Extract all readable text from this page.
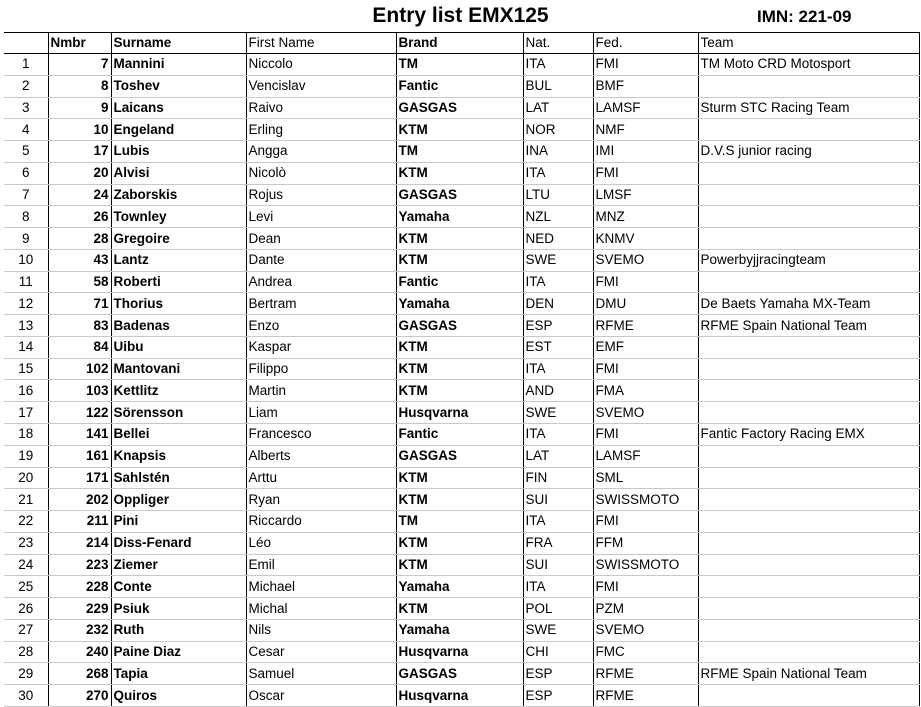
Entry list EMX125	IMN: 221-09
	Nmbr	Surname	First Name	Brand	Nat.	Fed.	Team
1	7	Mannini	Niccolo	TM	ITA	FMI	TM Moto CRD Motosport
2	8	Toshev	Vencislav	Fantic	BUL	BMF	
3	9	Laicans	Raivo	GASGAS	LAT	LAMSF	Sturm STC Racing Team
4	10	Engeland	Erling	KTM	NOR	NMF	
5	17	Lubis	Angga	TM	INA	IMI	D.V.S junior racing
6	20	Alvisi	Nicolò	KTM	ITA	FMI	
7	24	Zaborskis	Rojus	GASGAS	LTU	LMSF	
8	26	Townley	Levi	Yamaha	NZL	MNZ	
9	28	Gregoire	Dean	KTM	NED	KNMV	
10	43	Lantz	Dante	KTM	SWE	SVEMO	Powerbyjjracingteam
11	58	Roberti	Andrea	Fantic	ITA	FMI	
12	71	Thorius	Bertram	Yamaha	DEN	DMU	De Baets Yamaha MX-Team
13	83	Badenas	Enzo	GASGAS	ESP	RFME	RFME Spain National Team
14	84	Uibu	Kaspar	KTM	EST	EMF	
15	102	Mantovani	Filippo	KTM	ITA	FMI	
16	103	Kettlitz	Martin	KTM	AND	FMA	
17	122	Sörensson	Liam	Husqvarna	SWE	SVEMO	
18	141	Bellei	Francesco	Fantic	ITA	FMI	Fantic Factory Racing EMX
19	161	Knapsis	Alberts	GASGAS	LAT	LAMSF	
20	171	Sahlstén	Arttu	KTM	FIN	SML	
21	202	Oppliger	Ryan	KTM	SUI	SWISSMOTO	
22	211	Pini	Riccardo	TM	ITA	FMI	
23	214	Diss-Fenard	Léo	KTM	FRA	FFM	
24	223	Ziemer	Emil	KTM	SUI	SWISSMOTO	
25	228	Conte	Michael	Yamaha	ITA	FMI	
26	229	Psiuk	Michal	KTM	POL	PZM	
27	232	Ruth	Nils	Yamaha	SWE	SVEMO	
28	240	Paine Diaz	Cesar	Husqvarna	CHI	FMC	
29	268	Tapia	Samuel	GASGAS	ESP	RFME	RFME Spain National Team
30	270	Quiros	Oscar	Husqvarna	ESP	RFME	
